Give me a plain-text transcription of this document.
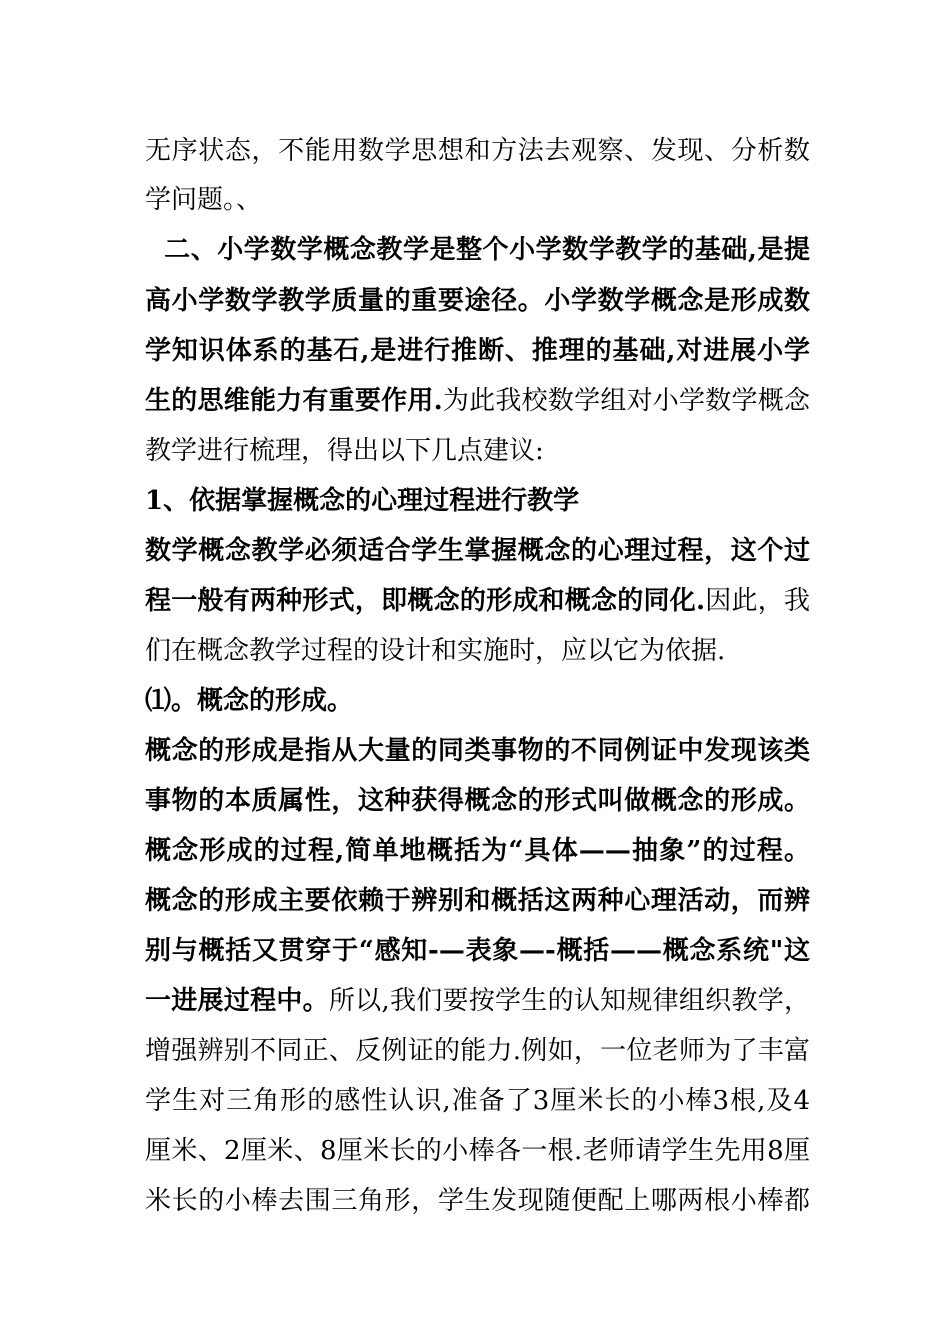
无序状态，不能用数学思想和方法去观察、发现、分析数
学问题。、
二、小学数学概念教学是整个小学数学教学的基础,是提
高小学数学教学质量的重要途径。小学数学概念是形成数
学知识体系的基石,是进行推断、推理的基础,对进展小学
生的思维能力有重要作用.为此我校数学组对小学数学概念
教学进行梳理，得出以下几点建议:
1、依据掌握概念的心理过程进行教学
数学概念教学必须适合学生掌握概念的心理过程，这个过
程一般有两种形式，即概念的形成和概念的同化.因此，我
们在概念教学过程的设计和实施时，应以它为依据.
⑴。概念的形成。
概念的形成是指从大量的同类事物的不同例证中发现该类
事物的本质属性，这种获得概念的形式叫做概念的形成。
概念形成的过程,简单地概括为“具体——抽象”的过程。
概念的形成主要依赖于辨别和概括这两种心理活动，而辨
别与概括又贯穿于“感知-—表象—-概括——概念系统"这
一进展过程中。所以,我们要按学生的认知规律组织教学，
增强辨别不同正、反例证的能力.例如，一位老师为了丰富
学生对三角形的感性认识,准备了3厘米长的小棒3根,及4
厘米、2厘米、8厘米长的小棒各一根.老师请学生先用8厘
米长的小棒去围三角形，学生发现随便配上哪两根小棒都
